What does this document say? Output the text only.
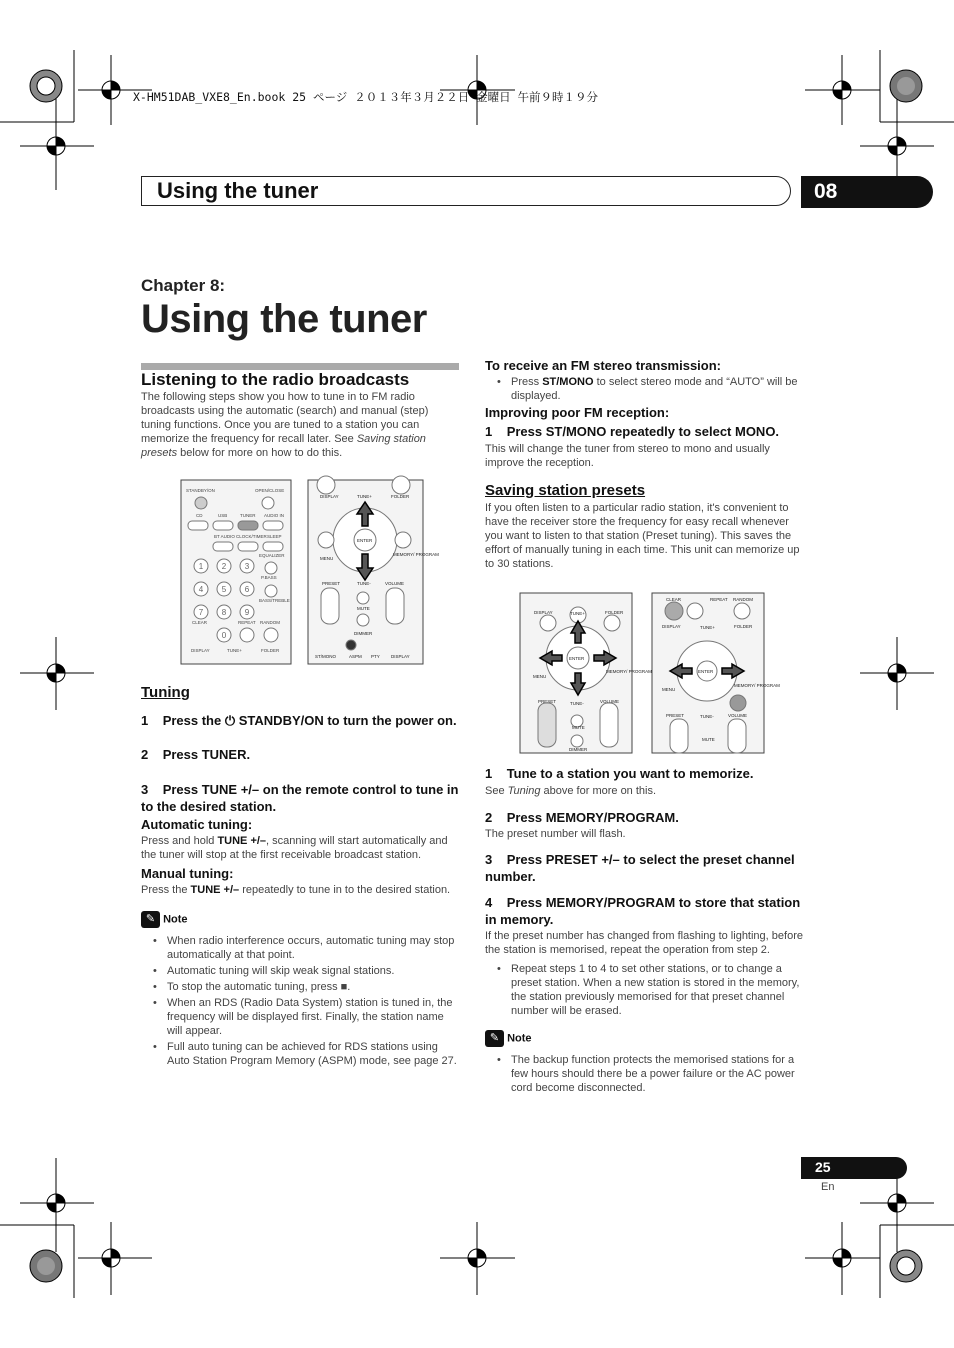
X-HM51DAB_VXE8_En.book 25 ページ ２０１３年３月２２日 金曜日 午前９時１９分
Using the tuner	08
Chapter 8:
Using the tuner
Listening to the radio broadcasts
The following steps show you how to tune in to FM radio broadcasts using the automatic (search) and manual (step) tuning functions. Once you are tuned to a station you can memorize the frequency for recall later. See Saving station presets below for more on how to do this.
STANDBY/ON	OPEN/CLOSE
CD	USB	TUNER AUDIO IN
BT AUDIO CLOCK/TIMER SLEEP
EQUALIZER
P.BASS
BASS/TREBLE
CLEAR	REPEAT RANDOM
DISPLAY	TUNE+	FOLDER
1 2 3
4 5 6
7 8 9
0
DISPLAY	TUNE+	FOLDER
ENTER
MENU
MEMORY/ PROGRAM
TUNE-
PRESET	VOLUME
MUTE
DIMMER
ST/MONO	ASPM PTY DISPLAY
Tuning
1 Press the ⏻ STANDBY/ON to turn the power on.
2 Press TUNER.
3 Press TUNE +/– on the remote control to tune in to the desired station.
Automatic tuning:
Press and hold TUNE +/–, scanning will start automatically and the tuner will stop at the first receivable broadcast station.
Manual tuning:
Press the TUNE +/– repeatedly to tune in to the desired station.
✎ Note
• When radio interference occurs, automatic tuning may stop automatically at that point.
• Automatic tuning will skip weak signal stations.
• To stop the automatic tuning, press ■.
• When an RDS (Radio Data System) station is tuned in, the frequency will be displayed first. Finally, the station name will appear.
• Full auto tuning can be achieved for RDS stations using Auto Station Program Memory (ASPM) mode, see page 27.
To receive an FM stereo transmission:
• Press ST/MONO to select stereo mode and “AUTO” will be displayed.
Improving poor FM reception:
1 Press ST/MONO repeatedly to select MONO.
This will change the tuner from stereo to mono and usually improve the reception.
Saving station presets
If you often listen to a particular radio station, it's convenient to have the receiver store the frequency for easy recall whenever you want to listen to that station (Preset tuning). This saves the effort of manually tuning in each time. This unit can memorize up to 30 stations.
DISPLAY	TUNE+	FOLDER
ENTER
MENU
MEMORY/ PROGRAM
PRESET	TUNE-	VOLUME
MUTE
DIMMER
CLEAR	REPEAT RANDOM
DISPLAY	TUNE+	FOLDER
ENTER
MENU
MEMORY/ PROGRAM
PRESET	TUNE-	VOLUME
MUTE
1 Tune to a station you want to memorize.
See Tuning above for more on this.
2 Press MEMORY/PROGRAM.
The preset number will flash.
3 Press PRESET +/– to select the preset channel number.
4 Press MEMORY/PROGRAM to store that station in memory.
If the preset number has changed from flashing to lighting, before the station is memorised, repeat the operation from step 2.
• Repeat steps 1 to 4 to set other stations, or to change a preset station. When a new station is stored in the memory, the station previously memorised for that preset channel number will be erased.
✎ Note
• The backup function protects the memorised stations for a few hours should there be a power failure or the AC power cord become disconnected.
25
En
